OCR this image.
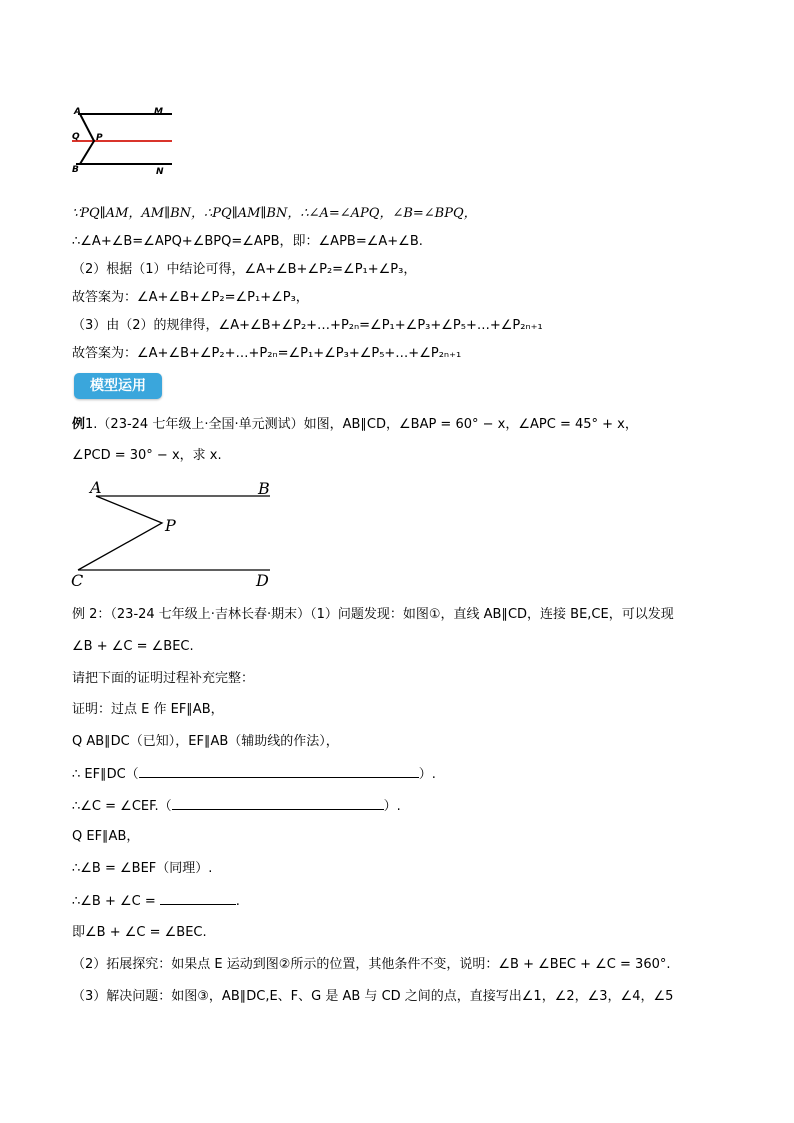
A	M
Q P
B	N
∵PQ∥AM，AM∥BN，∴PQ∥AM∥BN，∴∠A=∠APQ，∠B=∠BPQ，
∴∠A+∠B=∠APQ+∠BPQ=∠APB，即：∠APB=∠A+∠B.
（2）根据（1）中结论可得，∠A+∠B+∠P₂=∠P₁+∠P₃，
故答案为：∠A+∠B+∠P₂=∠P₁+∠P₃，
（3）由（2）的规律得，∠A+∠B+∠P₂+…+P₂ₙ=∠P₁+∠P₃+∠P₅+…+∠P₂ₙ₊₁
故答案为：∠A+∠B+∠P₂+…+P₂ₙ=∠P₁+∠P₃+∠P₅+…+∠P₂ₙ₊₁
模型运用
例1.（23-24 七年级上·全国·单元测试）如图，AB∥CD，∠BAP = 60° − x，∠APC = 45° + x，
∠PCD = 30° − x，求 x.
A	B
P
C	D
例 2：（23-24 七年级上·吉林长春·期末）（1）问题发现：如图①，直线 AB∥CD，连接 BE,CE，可以发现
∠B + ∠C = ∠BEC.
请把下面的证明过程补充完整：
证明：过点 E 作 EF∥AB，
Q AB∥DC（已知），EF∥AB（辅助线的作法），
∴ EF∥DC（	）.
∴∠C = ∠CEF.（	）.
Q EF∥AB，
∴∠B = ∠BEF（同理）.
∴∠B + ∠C =	.
即∠B + ∠C = ∠BEC.
（2）拓展探究：如果点 E 运动到图②所示的位置，其他条件不变，说明：∠B + ∠BEC + ∠C = 360°.
（3）解决问题：如图③，AB∥DC,E、F、G 是 AB 与 CD 之间的点，直接写出∠1，∠2，∠3，∠4，∠5
